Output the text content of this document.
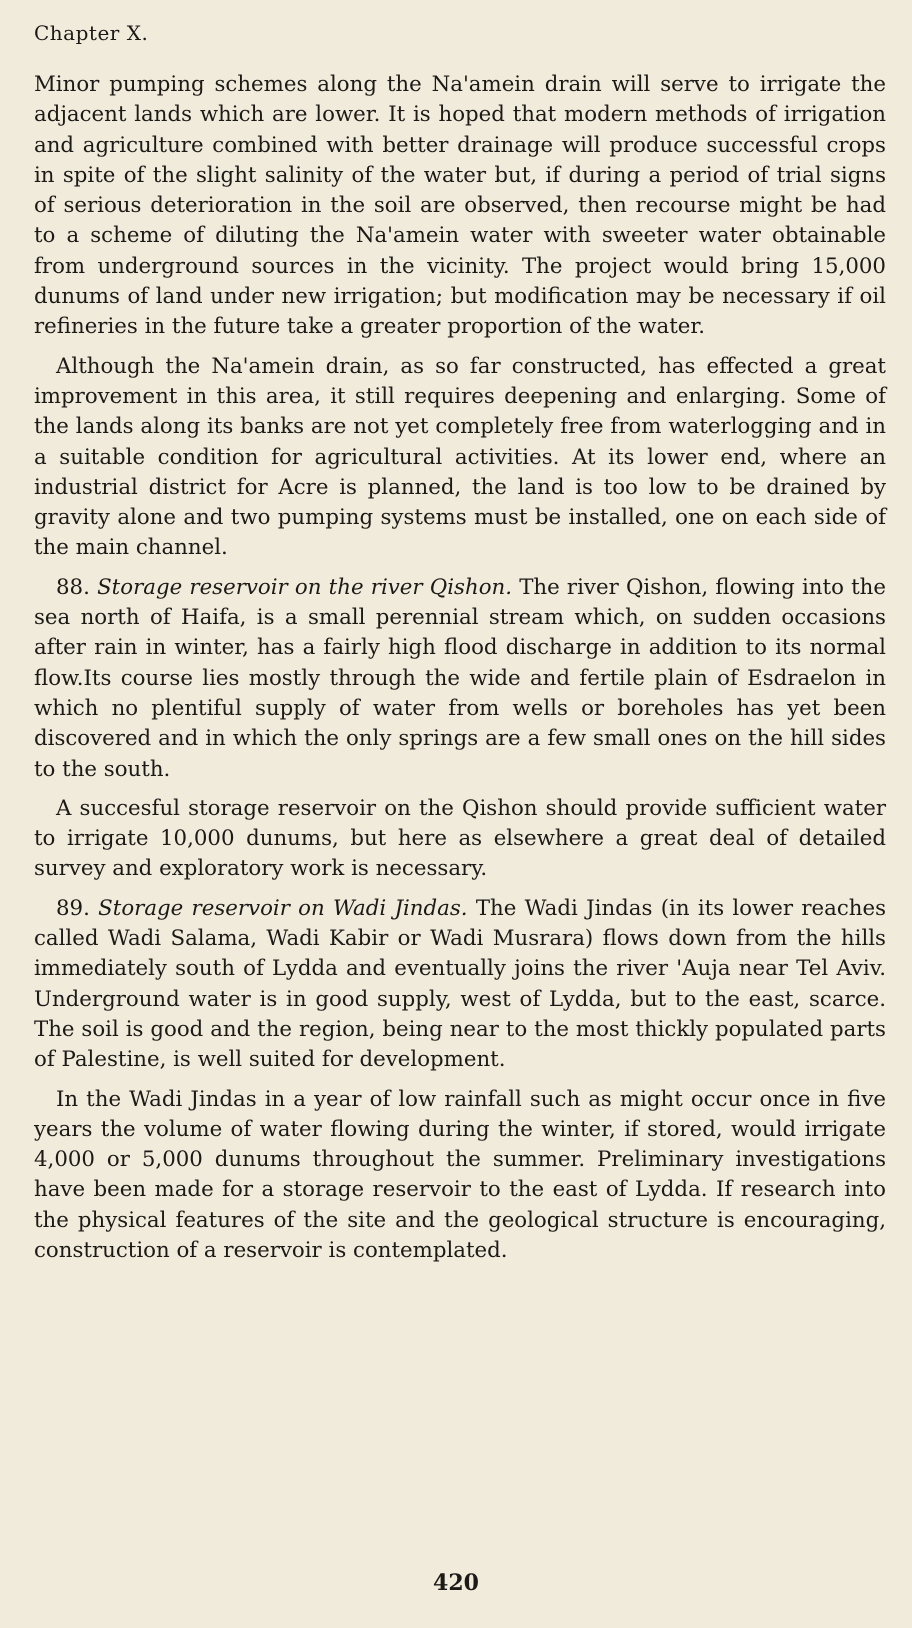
Chapter X.

Minor pumping schemes along the Na'amein drain will serve to irrigate the adjacent lands which are lower. It is hoped that modern methods of irrigation and agriculture combined with better drainage will produce successful crops in spite of the slight salinity of the water but, if during a period of trial signs of serious deterioration in the soil are observed, then recourse might be had to a scheme of diluting the Na'amein water with sweeter water obtainable from underground sources in the vicinity. The project would bring 15,000 dunums of land under new irrigation; but modification may be necessary if oil refineries in the future take a greater proportion of the water.

Although the Na'amein drain, as so far constructed, has effected a great improvement in this area, it still requires deepening and enlarging. Some of the lands along its banks are not yet completely free from waterlogging and in a suitable condition for agricultural activities. At its lower end, where an industrial district for Acre is planned, the land is too low to be drained by gravity alone and two pumping systems must be installed, one on each side of the main channel.

88. Storage reservoir on the river Qishon. The river Qishon, flowing into the sea north of Haifa, is a small perennial stream which, on sudden occasions after rain in winter, has a fairly high flood discharge in addition to its normal flow.Its course lies mostly through the wide and fertile plain of Esdraelon in which no plentiful supply of water from wells or boreholes has yet been discovered and in which the only springs are a few small ones on the hill sides to the south.

A succesful storage reservoir on the Qishon should provide sufficient water to irrigate 10,000 dunums, but here as elsewhere a great deal of detailed survey and exploratory work is necessary.

89. Storage reservoir on Wadi Jindas. The Wadi Jindas (in its lower reaches called Wadi Salama, Wadi Kabir or Wadi Musrara) flows down from the hills immediately south of Lydda and eventually joins the river 'Auja near Tel Aviv. Underground water is in good supply, west of Lydda, but to the east, scarce. The soil is good and the region, being near to the most thickly populated parts of Palestine, is well suited for development.

In the Wadi Jindas in a year of low rainfall such as might occur once in five years the volume of water flowing during the winter, if stored, would irrigate 4,000 or 5,000 dunums throughout the summer. Preliminary investigations have been made for a storage reservoir to the east of Lydda. If research into the physical features of the site and the geological structure is encouraging, construction of a reservoir is contemplated.

420
